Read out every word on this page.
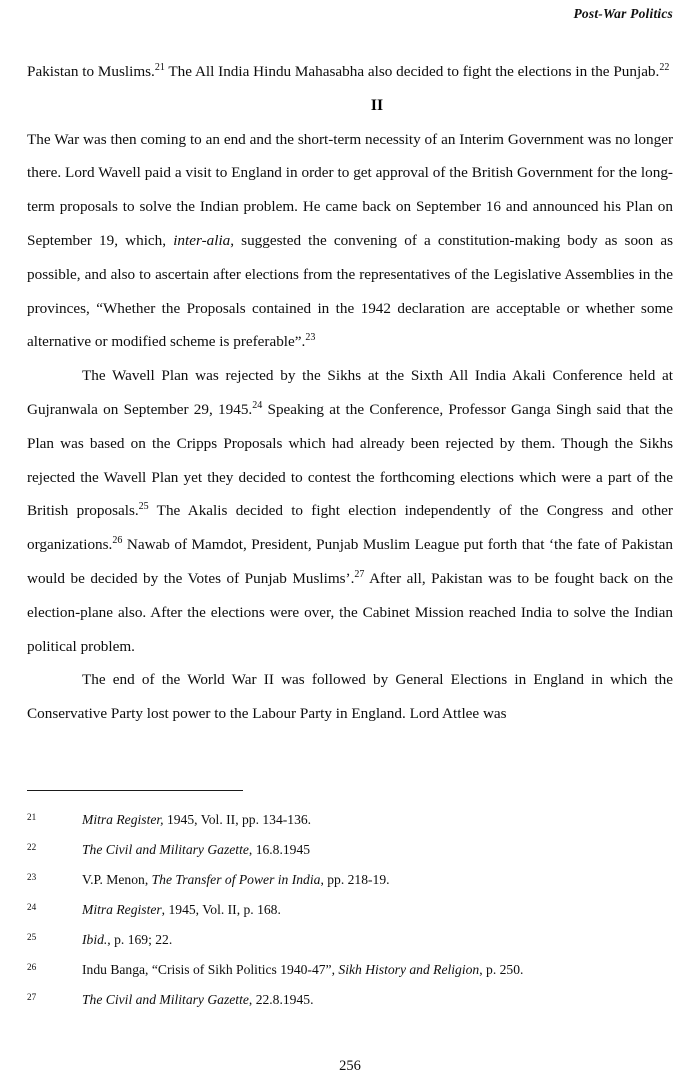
Post-War Politics

Pakistan to Muslims.$^{21}$ The All India Hindu Mahasabha also decided to fight the elections in the Punjab.$^{22}$

II

The War was then coming to an end and the short-term necessity of an Interim Government was no longer there. Lord Wavell paid a visit to England in order to get approval of the British Government for the long-term proposals to solve the Indian problem. He came back on September 16 and announced his Plan on September 19, which, inter-alia, suggested the convening of a constitution-making body as soon as possible, and also to ascertain after elections from the representatives of the Legislative Assemblies in the provinces, “Whether the Proposals contained in the 1942 declaration are acceptable or whether some alternative or modified scheme is preferable”.$^{23}$

The Wavell Plan was rejected by the Sikhs at the Sixth All India Akali Conference held at Gujranwala on September 29, 1945.24 Speaking at the Conference, Professor Ganga Singh said that the Plan was based on the Cripps Proposals which had already been rejected by them. Though the Sikhs rejected the Wavell Plan yet they decided to contest the forthcoming elections which were a part of the British proposals.$^{25}$ The Akalis decided to fight election independently of the Congress and other organizations.$^{26}$ Nawab of Mamdot, President, Punjab Muslim League put forth that ‘the fate of Pakistan would be decided by the Votes of Punjab Muslims’.$^{27}$ After all, Pakistan was to be fought back on the election-plane also. After the elections were over, the Cabinet Mission reached India to solve the Indian political problem.

The end of the World War II was followed by General Elections in England in which the Conservative Party lost power to the Labour Party in England. Lord Attlee was

21	Mitra Register, 1945, Vol. II, pp. 134-136.
22	The Civil and Military Gazette, 16.8.1945
23	V.P. Menon, The Transfer of Power in India, pp. 218-19.
24	Mitra Register, 1945, Vol. II, p. 168.
25	Ibid., p. 169; 22.
26	Indu Banga, “Crisis of Sikh Politics 1940-47”, Sikh History and Religion, p. 250.
27	The Civil and Military Gazette, 22.8.1945.
256
